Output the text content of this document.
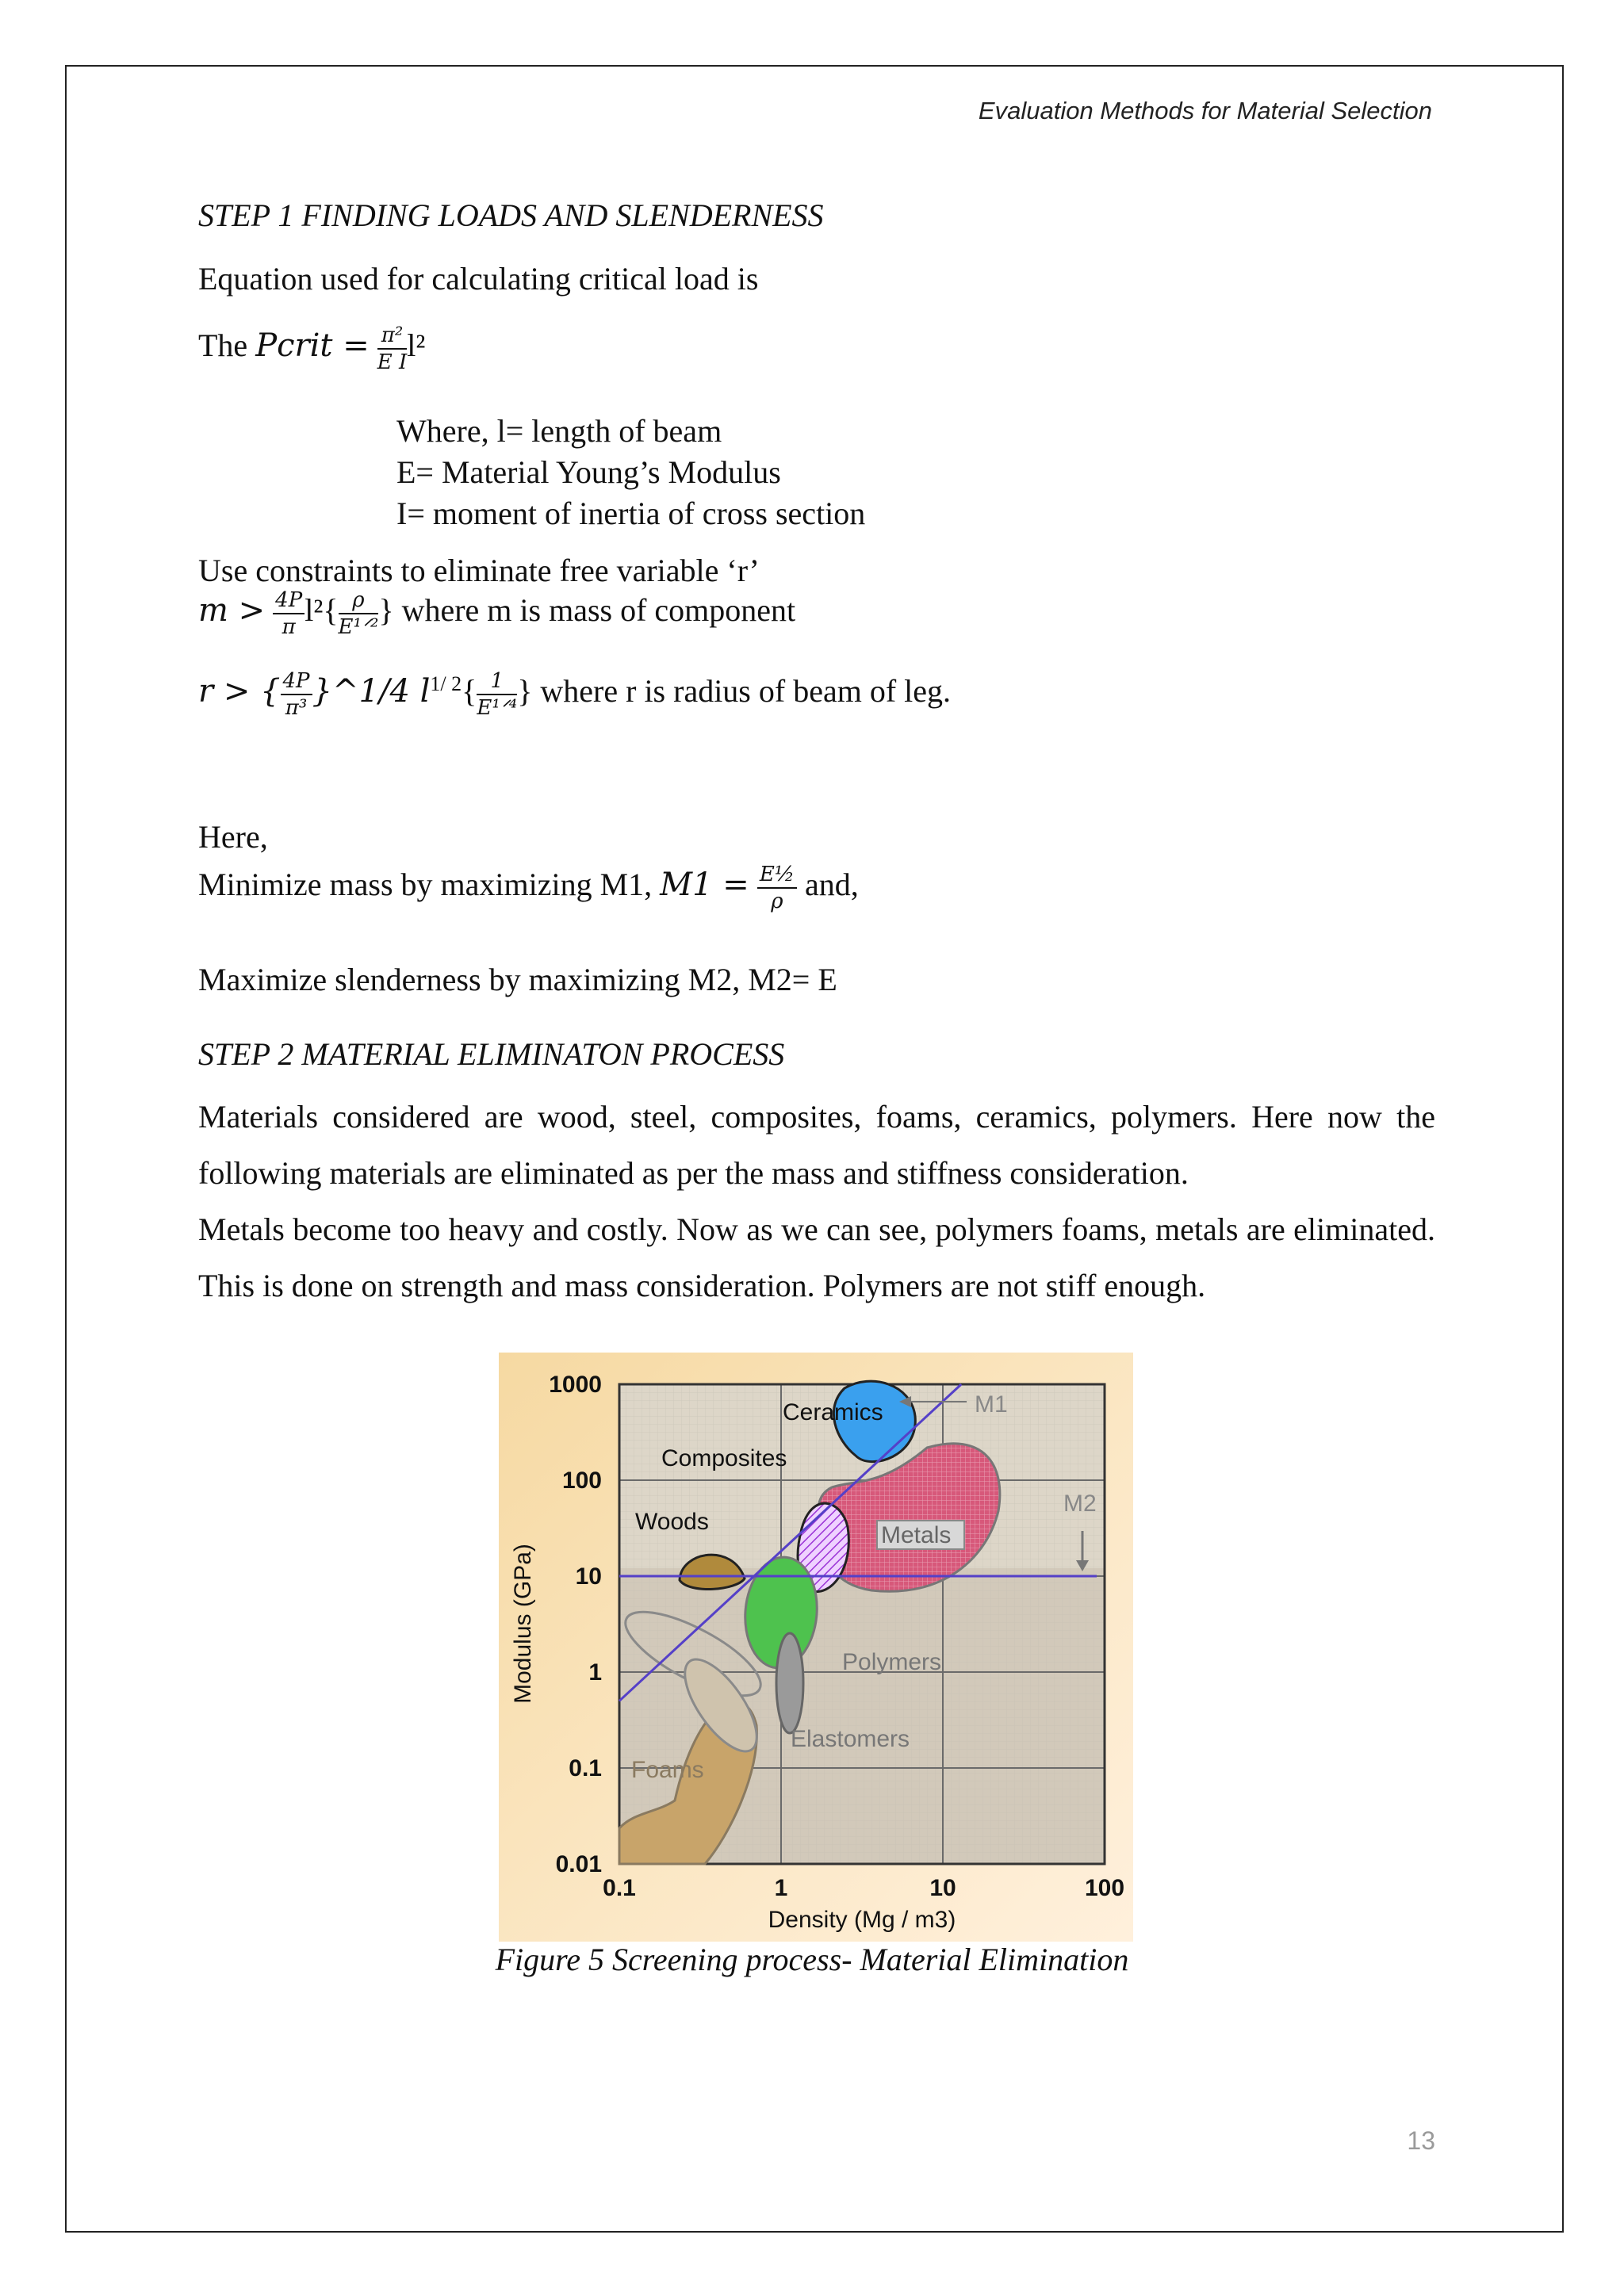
Evaluation Methods for Material Selection
STEP 1 FINDING LOADS AND SLENDERNESS
Equation used for calculating critical load is
The Pcrit = $\frac{\text{π²}}{\text{E I}} l^2$
Where, l= length of beam
E= Material Young’s Modulus
I= moment of inertia of cross section
Use constraints to eliminate free variable ‘r’
$m > \frac{4P}{\pi} l^2\{ \frac{\rho}{\text{E¹ᐟ²}}$ } where m is mass of component
r > { $\frac{4P}{\text{π³}}$ }^1/4 $l^{1/ 2}\{ \frac{1}{\text{E¹ᐟ⁴}}$ } where r is radius of beam of leg.
Here,
Minimize mass by maximizing M1, $M1 = \frac{\text{E½}}{\rho}$ and,
Maximize slenderness by maximizing M2, M2= E
STEP 2 MATERIAL ELIMINATON PROCESS

Materials considered are wood, steel, composites, foams, ceramics, polymers. Here now the following materials are eliminated as per the mass and stiffness consideration.

Metals become too heavy and costly. Now as we can see, polymers foams, metals are eliminated. This is done on strength and mass consideration. Polymers are not stiff enough.

Ceramics
Composites
Woods
Metals
Polymers
Elastomers
Foams
M1
M2
0.1	1	10	100
0.01
0.1
1
10
100
1000
Density (Mg / m3)
Modulus (GPa)
Figure 5 Screening process- Material Elimination
13
